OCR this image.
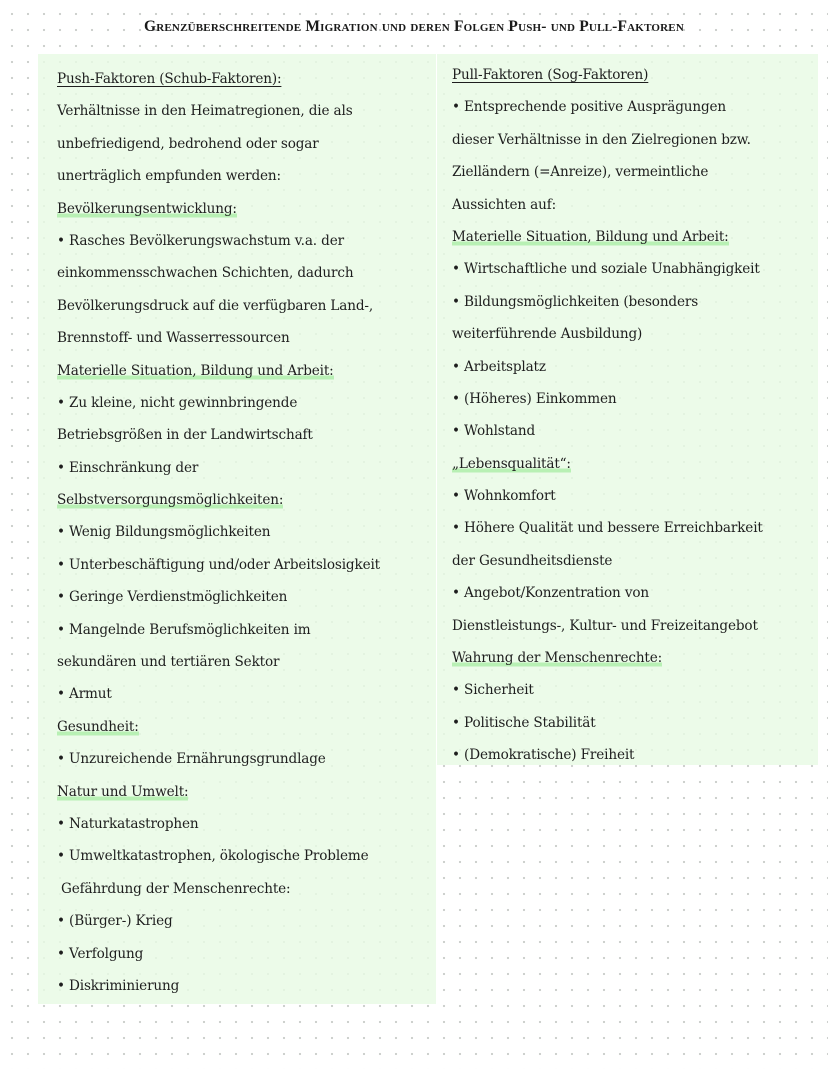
Grenzüberschreitende Migration und deren Folgen Push- und Pull-Faktoren
Push-Faktoren (Schub-Faktoren):
Verhältnisse in den Heimatregionen, die als
unbefriedigend, bedrohend oder sogar
unerträglich empfunden werden:
Bevölkerungsentwicklung:
• Rasches Bevölkerungswachstum v.a. der
einkommensschwachen Schichten, dadurch
Bevölkerungsdruck auf die verfügbaren Land-,
Brennstoff- und Wasserressourcen
Materielle Situation, Bildung und Arbeit:
• Zu kleine, nicht gewinnbringende
Betriebsgrößen in der Landwirtschaft
• Einschränkung der
Selbstversorgungsmöglichkeiten:
• Wenig Bildungsmöglichkeiten
• Unterbeschäftigung und/oder Arbeitslosigkeit
• Geringe Verdienstmöglichkeiten
• Mangelnde Berufsmöglichkeiten im
sekundären und tertiären Sektor
• Armut
Gesundheit:
• Unzureichende Ernährungsgrundlage
Natur und Umwelt:
• Naturkatastrophen
• Umweltkatastrophen, ökologische Probleme
Gefährdung der Menschenrechte:
• (Bürger-) Krieg
• Verfolgung
• Diskriminierung
Pull-Faktoren (Sog-Faktoren)
• Entsprechende positive Ausprägungen
dieser Verhältnisse in den Zielregionen bzw.
Zielländern (=Anreize), vermeintliche
Aussichten auf:
Materielle Situation, Bildung und Arbeit:
• Wirtschaftliche und soziale Unabhängigkeit
• Bildungsmöglichkeiten (besonders
weiterführende Ausbildung)
• Arbeitsplatz
• (Höheres) Einkommen
• Wohlstand
„Lebensqualität“:
• Wohnkomfort
• Höhere Qualität und bessere Erreichbarkeit
der Gesundheitsdienste
• Angebot/Konzentration von
Dienstleistungs-, Kultur- und Freizeitangebot
Wahrung der Menschenrechte:
• Sicherheit
• Politische Stabilität
• (Demokratische) Freiheit
